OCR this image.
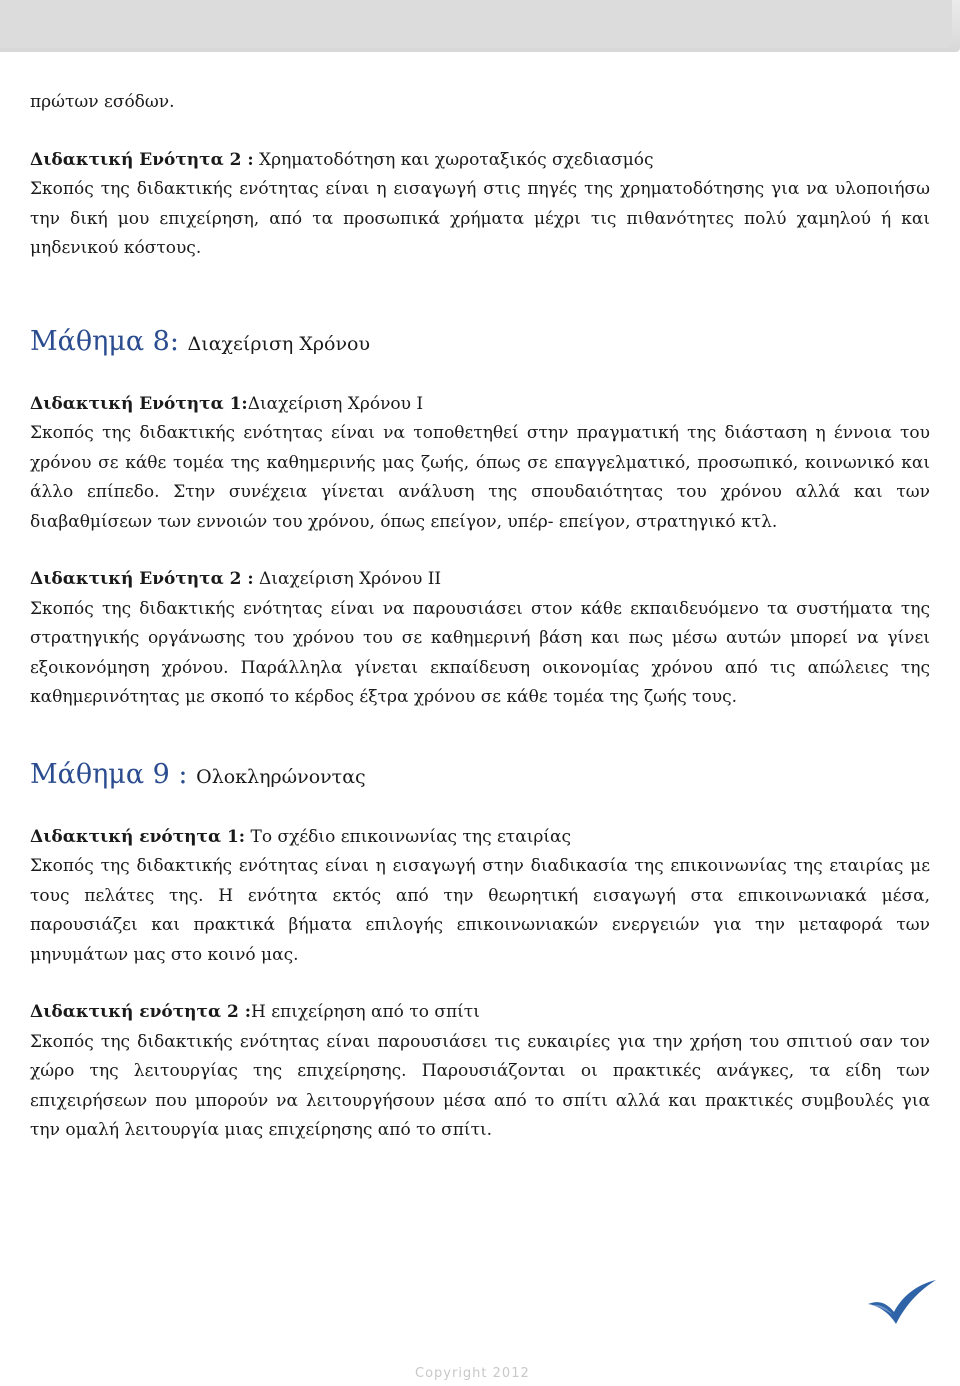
πρώτων εσόδων.

Διδακτική Ενότητα 2 : Χρηματοδότηση και χωροταξικός σχεδιασμός

Σκοπός της διδακτικής ενότητας είναι η εισαγωγή στις πηγές της χρηματοδότησης για να υλοποιήσω την δική μου επιχείρηση, από τα προσωπικά χρήματα μέχρι τις πιθανότητες πολύ χαμηλού ή και μηδενικού κόστους.

Μάθημα 8: Διαχείριση Χρόνου

Διδακτική Ενότητα 1:Διαχείριση Χρόνου Ι

Σκοπός της διδακτικής ενότητας είναι να τοποθετηθεί στην πραγματική της διάσταση η έννοια του χρόνου σε κάθε τομέα της καθημερινής μας ζωής, όπως σε επαγγελματικό, προσωπικό, κοινωνικό και άλλο επίπεδο. Στην συνέχεια γίνεται ανάλυση της σπουδαιότητας του χρόνου αλλά και των διαβαθμίσεων των εννοιών του χρόνου, όπως επείγον, υπέρ- επείγον, στρατηγικό κτλ.

Διδακτική Ενότητα 2 : Διαχείριση Χρόνου ΙΙ

Σκοπός της διδακτικής ενότητας είναι να παρουσιάσει στον κάθε εκπαιδευόμενο τα συστήματα της στρατηγικής οργάνωσης του χρόνου του σε καθημερινή βάση και πως μέσω αυτών μπορεί να γίνει εξοικονόμηση χρόνου. Παράλληλα γίνεται εκπαίδευση οικονομίας χρόνου από τις απώλειες της καθημερινότητας με σκοπό το κέρδος έξτρα χρόνου σε κάθε τομέα της ζωής τους.

Μάθημα 9 : Ολοκληρώνοντας

Διδακτική ενότητα 1: Το σχέδιο επικοινωνίας της εταιρίας

Σκοπός της διδακτικής ενότητας είναι η εισαγωγή στην διαδικασία της επικοινωνίας της εταιρίας με τους πελάτες της. Η ενότητα εκτός από την θεωρητική εισαγωγή στα επικοινωνιακά μέσα, παρουσιάζει και πρακτικά βήματα επιλογής επικοινωνιακών ενεργειών για την μεταφορά των μηνυμάτων μας στο κοινό μας.

Διδακτική ενότητα 2 :Η επιχείρηση από το σπίτι

Σκοπός της διδακτικής ενότητας είναι παρουσιάσει τις ευκαιρίες για την χρήση του σπιτιού σαν τον χώρο της λειτουργίας της επιχείρησης. Παρουσιάζονται οι πρακτικές ανάγκες, τα είδη των επιχειρήσεων που μπορούν να λειτουργήσουν μέσα από το σπίτι αλλά και πρακτικές συμβουλές για την ομαλή λειτουργία μιας επιχείρησης από το σπίτι.

Copyright 2012
